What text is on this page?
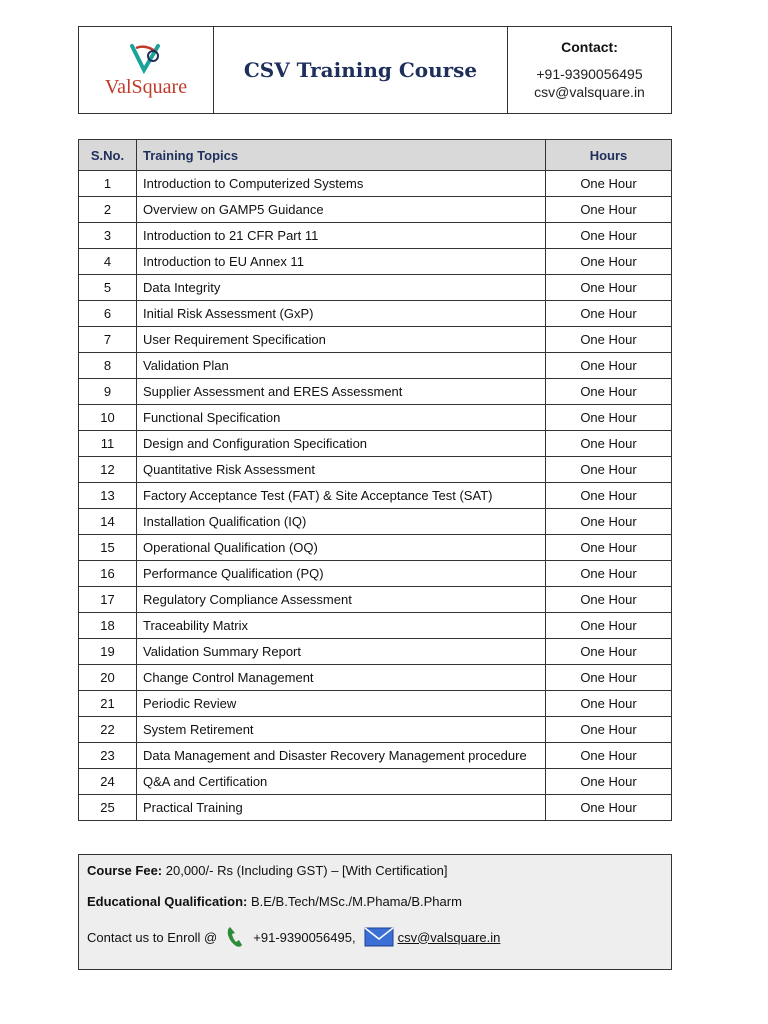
ValSquare
CSV Training Course
Contact:
+91-9390056495
csv@valsquare.in
S.No.	Training Topics	Hours
1	Introduction to Computerized Systems	One Hour
2	Overview on GAMP5 Guidance	One Hour
3	Introduction to 21 CFR Part 11	One Hour
4	Introduction to EU Annex 11	One Hour
5	Data Integrity	One Hour
6	Initial Risk Assessment (GxP)	One Hour
7	User Requirement Specification	One Hour
8	Validation Plan	One Hour
9	Supplier Assessment and ERES Assessment	One Hour
10	Functional Specification	One Hour
11	Design and Configuration Specification	One Hour
12	Quantitative Risk Assessment	One Hour
13	Factory Acceptance Test (FAT) & Site Acceptance Test (SAT)	One Hour
14	Installation Qualification (IQ)	One Hour
15	Operational Qualification (OQ)	One Hour
16	Performance Qualification (PQ)	One Hour
17	Regulatory Compliance Assessment	One Hour
18	Traceability Matrix	One Hour
19	Validation Summary Report	One Hour
20	Change Control Management	One Hour
21	Periodic Review	One Hour
22	System Retirement	One Hour
23	Data Management and Disaster Recovery Management procedure	One Hour
24	Q&A and Certification	One Hour
25	Practical Training	One Hour
Course Fee: 20,000/- Rs (Including GST) – [With Certification]
Educational Qualification: B.E/B.Tech/MSc./M.Phama/B.Pharm
Contact us to Enroll @	+91-9390056495,	csv@valsquare.in
